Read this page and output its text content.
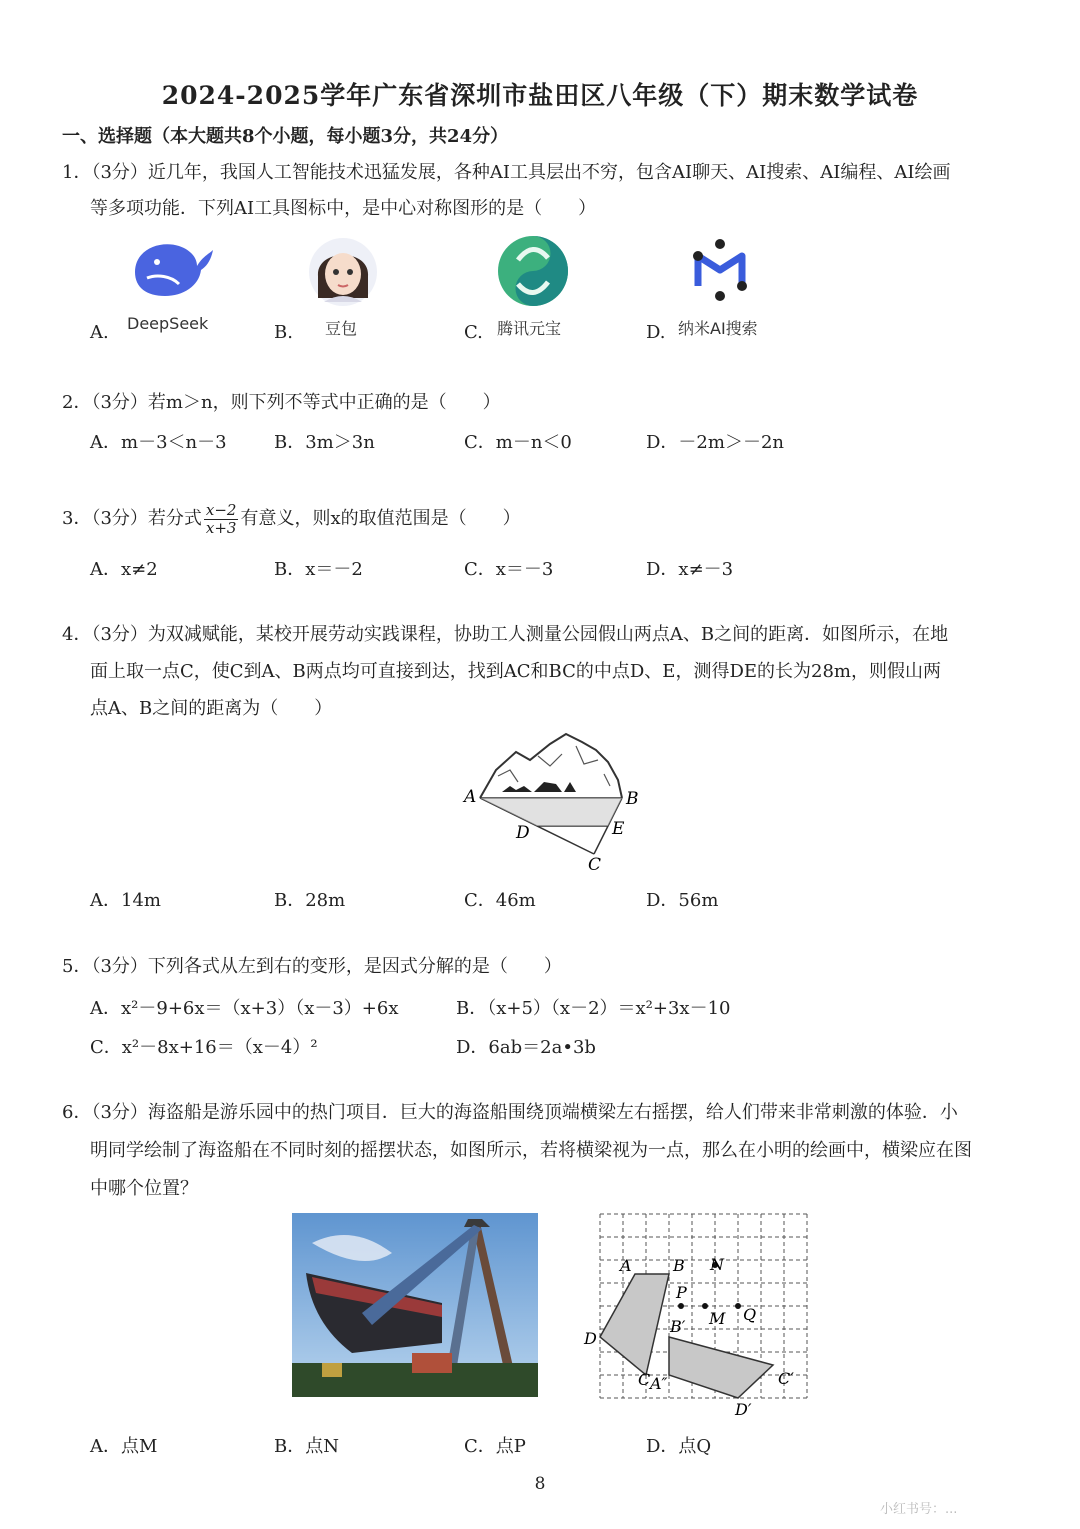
2024-2025学年广东省深圳市盐田区八年级（下）期末数学试卷
一、选择题（本大题共8个小题，每小题3分，共24分）
1．（3分）近几年，我国人工智能技术迅猛发展，各种AI工具层出不穷，包含AI聊天、AI搜索、AI编程、AI绘画
等多项功能．下列AI工具图标中，是中心对称图形的是（　　）
A. DeepSeek	B. 豆包	C. 腾讯元宝	D. 纳米AI搜索
2．（3分）若m＞n，则下列不等式中正确的是（　　）
A．m－3＜n－3	B．3m＞3n	C．m－n＜0	D．－2m＞－2n
3．（3分）若分式 $\frac{x-2}{x+3}$ 有意义，则x的取值范围是（　　）
A．x≠2	B．x＝－2	C．x＝－3	D．x≠－3
4．（3分）为双减赋能，某校开展劳动实践课程，协助工人测量公园假山两点A、B之间的距离．如图所示，在地
面上取一点C，使C到A、B两点均可直接到达，找到AC和BC的中点D、E，测得DE的长为28m，则假山两
点A、B之间的距离为（　　）
A	B
D	E
C
A．14m	B．28m	C．46m	D．56m
5．（3分）下列各式从左到右的变形，是因式分解的是（　　）
A．x²－9+6x＝（x+3）（x－3）+6x	B．（x+5）（x－2）＝x²+3x－10
C．x²－8x+16＝（x－4）²	D．6ab＝2a•3b
6．（3分）海盗船是游乐园中的热门项目．巨大的海盗船围绕顶端横梁左右摇摆，给人们带来非常刺激的体验．小
明同学绘制了海盗船在不同时刻的摇摆状态，如图所示，若将横梁视为一点，那么在小明的绘画中，横梁应在图
中哪个位置？
A	B N
P
M Q
B′
D
C A″	C′
D′
A．点M	B．点N	C．点P	D．点Q
8
小红书号：...
